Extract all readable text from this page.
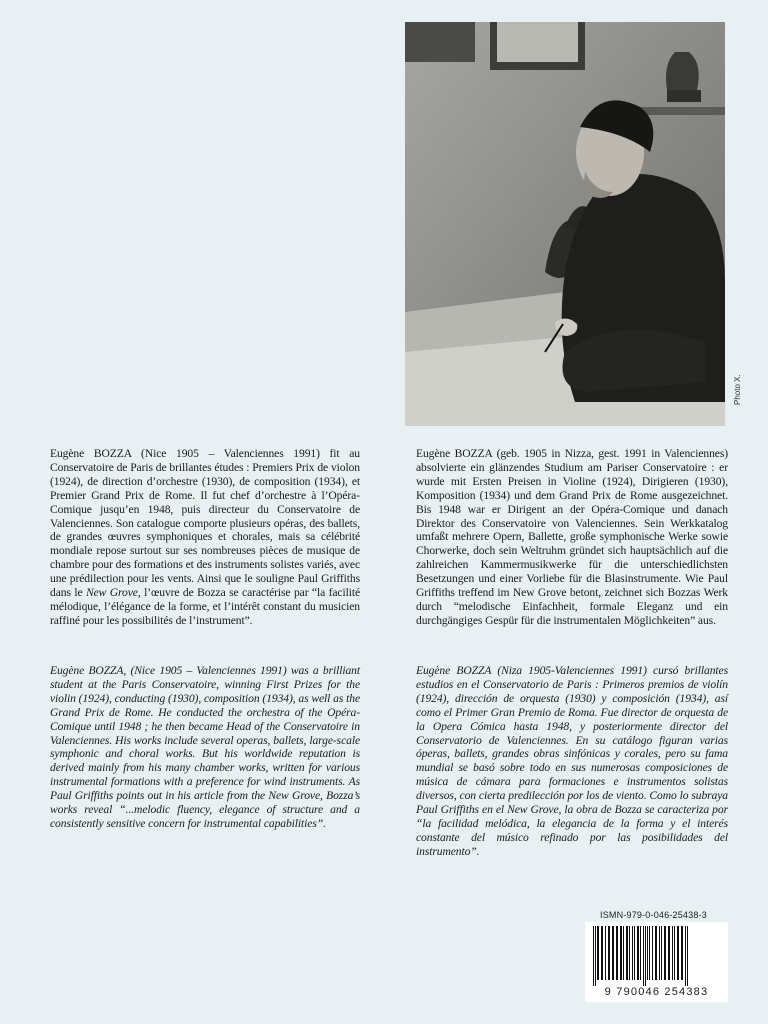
Photo X.

Eugène BOZZA (Nice 1905 – Valenciennes 1991) fit au Conservatoire de Paris de brillantes études : Premiers Prix de violon (1924), de direction d’orchestre (1930), de composition (1934), et Premier Grand Prix de Rome. Il fut chef d’orchestre à l’Opéra-Comique jusqu’en 1948, puis directeur du Conservatoire de Valenciennes. Son catalogue comporte plusieurs opéras, des ballets, de grandes œuvres symphoniques et chorales, mais sa célébrité mondiale repose surtout sur ses nombreuses pièces de musique de chambre pour des formations et des instruments solistes variés, avec une prédilection pour les vents. Ainsi que le souligne Paul Griffiths dans le New Grove, l’œuvre de Bozza se caractérise par “la facilité mélodique, l’élégance de la forme, et l’intérêt constant du musicien raffiné pour les possibilités de l’instrument”.

Eugène BOZZA (geb. 1905 in Nizza, gest. 1991 in Valenciennes) absolvierte ein glänzendes Studium am Pariser Conservatoire : er wurde mit Ersten Preisen in Violine (1924), Dirigieren (1930), Komposition (1934) und dem Grand Prix de Rome ausgezeichnet. Bis 1948 war er Dirigent an der Opéra-Comique und danach Direktor des Conservatoire von Valenciennes. Sein Werkkatalog umfaßt mehrere Opern, Ballette, große symphonische Werke sowie Chorwerke, doch sein Weltruhm gründet sich hauptsächlich auf die zahlreichen Kammermusikwerke für die unterschiedlichsten Besetzungen und einer Vorliebe für die Blasinstrumente. Wie Paul Griffiths treffend im New Grove betont, zeichnet sich Bozzas Werk durch “melodische Einfachheit, formale Eleganz und ein durchgängiges Gespür für die instrumentalen Möglichkeiten” aus.

Eugène BOZZA, (Nice 1905 – Valenciennes 1991) was a brilliant student at the Paris Conservatoire, winning First Prizes for the violin (1924), conducting (1930), composition (1934), as well as the Grand Prix de Rome. He conducted the orchestra of the Opéra-Comique until 1948 ; he then became Head of the Conservatoire in Valenciennes. His works include several operas, ballets, large-scale symphonic and choral works. But his worldwide reputation is derived mainly from his many chamber works, written for various instrumental formations with a preference for wind instruments. As Paul Griffiths points out in his article from the New Grove, Bozza’s works reveal “...melodic fluency, elegance of structure and a consistently sensitive concern for instrumental capabilities”.

Eugène BOZZA (Niza 1905-Valenciennes 1991) cursó brillantes estudios en el Conservatorio de Paris : Primeros premios de violín (1924), dirección de orquesta (1930) y composición (1934), así como el Primer Gran Premio de Roma. Fue director de orquesta de la Opera Cómica hasta 1948, y posteriormente director del Conservatorio de Valenciennes. En su catálogo figuran varias óperas, ballets, grandes obras sinfónicas y corales, pero su fama mundial se basó sobre todo en sus numerosas composiciones de música de cámara para formaciones e instrumentos solistas diversos, con cierta predilección por los de viento. Como lo subraya Paul Griffiths en el New Grove, la obra de Bozza se caracteriza por “la facilidad melódica, la elegancia de la forma y el interés constante del músico refinado por las posibilidades del instrumento”.

ISMN-979-0-046-25438-3
9 790046 254383
